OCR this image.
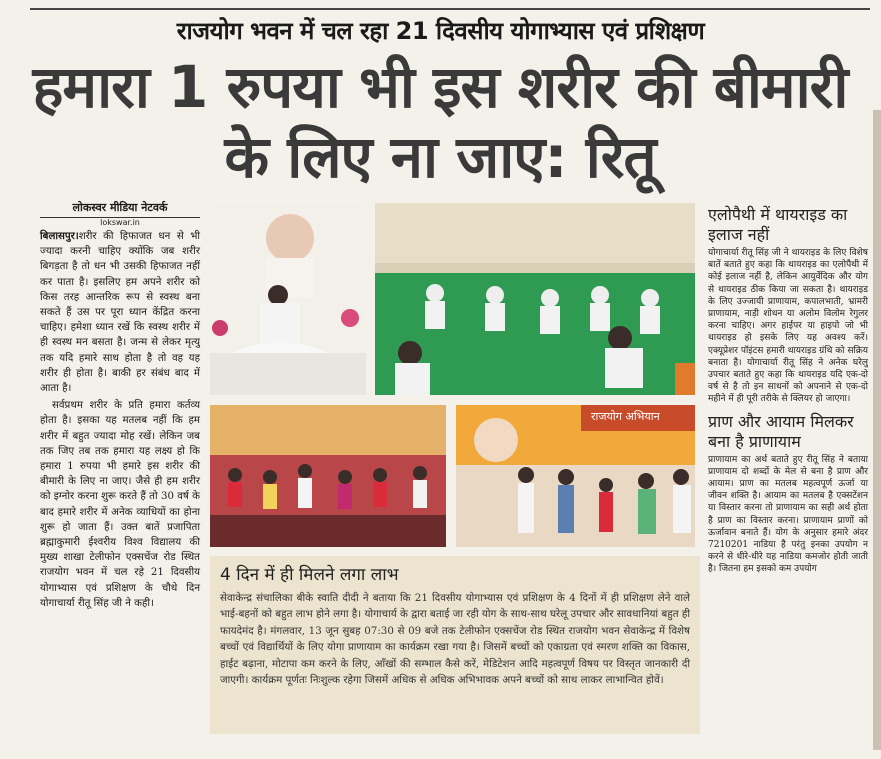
राजयोग भवन में चल रहा 21 दिवसीय योगाभ्यास एवं प्रशिक्षण
हमारा 1 रुपया भी इस शरीर की बीमारी के लिए ना जाए: रितू
लोकस्वर मीडिया नेटवर्क
lokswar.in

बिलासपुर।शरीर की हिफाजत धन से भी ज्यादा करनी चाहिए क्योंकि जब शरीर बिगड़ता है तो धन भी उसकी हिफाजत नहीं कर पाता है। इसलिए हम अपने शरीर को किस तरह आन्तरिक रूप से स्वस्थ बना सकते हैं उस पर पूरा ध्यान केंद्रित करना चाहिए। हमेशा ध्यान रखें कि स्वस्थ शरीर में ही स्वस्थ मन बसता है। जन्म से लेकर मृत्यु तक यदि हमारे साथ होता है तो वह यह शरीर ही होता है। बाकी हर संबंध बाद में आता है।

सर्वप्रथम शरीर के प्रति हमारा कर्तव्य होता है। इसका यह मतलब नहीं कि हम शरीर में बहुत ज्यादा मोह रखें। लेकिन जब तक जिए तब तक हमारा यह लक्ष्य हो कि हमारा 1 रुपया भी हमारे इस शरीर की बीमारी के लिए ना जाए। जैसे ही हम शरीर को इग्नोर करना शुरू करते हैं तो 30 वर्ष के बाद हमारे शरीर में अनेक व्याधियों का होना शुरू हो जाता हैं। उक्त बातें प्रजापिता ब्रह्माकुमारी ईश्वरीय विश्व विद्यालय की मुख्य शाखा टेलीफोन एक्सचेंज रोड स्थित राजयोग भवन में चल रहे 21 दिवसीय योगाभ्यास एवं प्रशिक्षण के चौथे दिन योगाचार्या रीतू सिंह जी ने कही।

राजयोग अभियान
4 दिन में ही मिलने लगा लाभ
सेवाकेन्द्र संचालिका बीके स्वाति दीदी ने बताया कि 21 दिवसीय योगाभ्यास एवं प्रशिक्षण के 4 दिनों में ही प्रशिक्षण लेने वाले भाई-बहनों को बहुत लाभ होने लगा है। योगाचार्य के द्वारा बताई जा रही योग के साथ-साथ घरेलू उपचार और सावधानियां बहुत ही फायदेमंद है। मंगलवार, 13 जून सुबह 07:30 से 09 बजे तक टेलीफोन एक्सचेंज रोड स्थित राजयोग भवन सेवाकेन्द्र में विशेष बच्चों एवं विद्यार्थियों के लिए योगा प्राणायाम का कार्यक्रम रखा गया है। जिसमें बच्चों को एकाग्रता एवं स्मरण शक्ति का विकास, हाईट बढ़ाना, मोटापा कम करने के लिए, आँखों की सम्भाल कैसे करें, मेडिटेशन आदि महत्वपूर्ण विषय पर विस्तृत जानकारी दी जाएगी। कार्यक्रम पूर्णतः निःशुल्क रहेगा जिसमें अधिक से अधिक अभिभावक अपने बच्चों को साथ लाकर लाभान्वित होवें।

एलोपैथी में थायराइड का इलाज नहीं

योगाचार्या रीतू सिंह जी ने थायराइड के लिए विशेष बातें बताते हुए कहा कि थायराइड का एलोपैथी में कोई इलाज नहीं है, लेकिन आयुर्वेदिक और योग से थायराइड ठीक किया जा सकता है। थायराइड के लिए उज्जायी प्राणायाम, कपालभाती, भ्रामरी प्राणायाम, नाड़ी शोधन या अलोम विलोम रेगुलर करना चाहिए। अगर हाईपर या हाइपो जो भी थायराइड हो इसके लिए यह अवश्य करें। एक्यूप्रेशर पॉइंटस हमारी थायराइड ग्रंथि को सक्रिय बनाता है। योगाचार्या रीतू सिंह ने अनेक घरेलु उपचार बताते हुए कहा कि थायराइड यदि एक-दो वर्ष से है तो इन साधनों को अपनाने से एक-दो महीने में ही पूरी तरीके से क्लियर हो जाएगा।

प्राण और आयाम मिलकर बना है प्राणायाम

प्राणायाम का अर्थ बताते हुए रीतू सिंह ने बताया प्राणायाम दो शब्दों के मेल से बना है प्राण और आयाम। प्राण का मतलब महत्वपूर्ण ऊर्जा या जीवन शक्ति है। आयाम का मतलब है एक्सटेंशन या विस्तार करना तो प्राणायाम का सही अर्थ होता है प्राण का विस्तार करना। प्राणायाम प्राणों को ऊर्जावान बनाते हैं। योग के अनुसार हमारे अंदर 7210201 नाडिया है परंतु इनका उपयोग न करने से धीरे-धीरे यह नाडिया कमजोर होती जाती है। जितना हम इसको कम उपयोग
